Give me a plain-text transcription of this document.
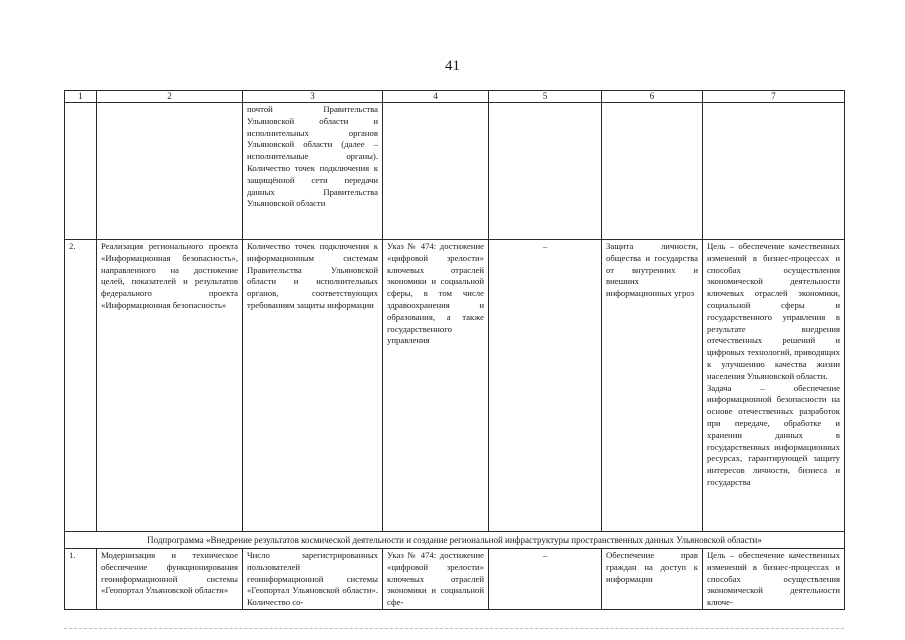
41
1	2	3	4	5	6	7
		почтой Правительства Ульяновской области и исполнительных органов Ульяновской области (далее – исполнительные органы). Количество точек подключения к защищённой сети передачи данных Правительства Ульяновской области				
2.	Реализация регионального проекта «Информационная безопасность», направленного на достижение целей, показателей и результатов федерального проекта «Информационная безопасность»	Количество точек подключения к информационным системам Правительства Ульяновской области и исполнительных органов, соответствующих требованиям защиты информации	Указ № 474: достижение «цифровой зрелости» ключевых отраслей экономики и социальной сферы, в том числе здравоохранения и образования, а также государственного управления	–	Защита личности, общества и государства от внутренних и внешних информационных угроз	Цель – обеспечение качественных изменений в бизнес-процессах и способах осуществления экономической деятельности ключевых отраслей экономики, социальной сферы и государственного управления в результате внедрения отечественных решений и цифровых технологий, приводящих к улучшению качества жизни населения Ульяновской области.
Задача – обеспечение информационной безопасности на основе отечественных разработок при передаче, обработке и хранении данных в государственных информационных ресурсах, гарантирующей защиту интересов личности, бизнеса и государства

Подпрограмма «Внедрение результатов космической деятельности и создание региональной инфраструктуры пространственных данных Ульяновской области»						
1.	Модернизация и техническое обеспечение функционирования геоинформационной системы «Геопортал Ульяновской области»	Число зарегистрированных пользователей геоинформационной системы «Геопортал Ульяновской области». Количество со-	Указ № 474: достижение «цифровой зрелости» ключевых отраслей экономики и социальной сфе-	–	Обеспечение прав граждан на доступ к информации	Цель – обеспечение качественных изменений в бизнес-процессах и способах осуществления экономической деятельности ключе-
